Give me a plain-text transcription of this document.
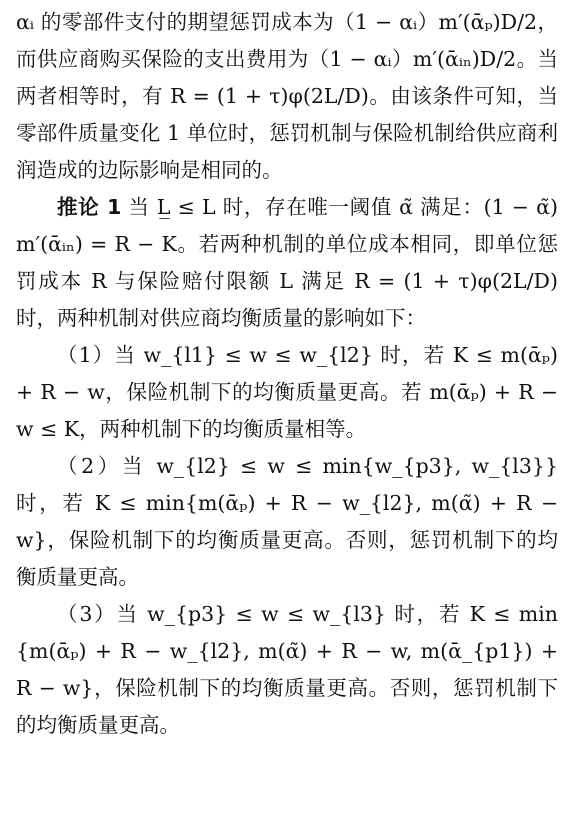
αᵢ 的零部件支付的期望惩罚成本为（1 − αᵢ）m′(ᾱₚ)D/2，而供应商购买保险的支出费用为（1 − αᵢ）m′(ᾱᵢₙ)D/2。当两者相等时，有 R = (1 + τ)φ(2L/D)。由该条件可知，当零部件质量变化 1 单位时，惩罚机制与保险机制给供应商利润造成的边际影响是相同的。

推论 1 当 L̲ ≤ L 时，存在唯一阈值 α̃ 满足：(1 − α̃)m′(ᾱᵢₙ) = R − K。若两种机制的单位成本相同，即单位惩罚成本 R 与保险赔付限额 L 满足 R = (1 + τ)φ(2L/D) 时，两种机制对供应商均衡质量的影响如下：

（1）当 w_{l1} ≤ w ≤ w_{l2} 时，若 K ≤ m(ᾱₚ) + R − w，保险机制下的均衡质量更高。若 m(ᾱₚ) + R − w ≤ K，两种机制下的均衡质量相等。

（2）当 w_{l2} ≤ w ≤ min{w_{p3}, w_{l3}} 时，若 K ≤ min{m(ᾱₚ) + R − w_{l2}, m(α̃) + R − w}，保险机制下的均衡质量更高。否则，惩罚机制下的均衡质量更高。

（3）当 w_{p3} ≤ w ≤ w_{l3} 时，若 K ≤ min{m(ᾱₚ) + R − w_{l2}, m(α̃) + R − w, m(ᾱ_{p1}) + R − w}，保险机制下的均衡质量更高。否则，惩罚机制下的均衡质量更高。
